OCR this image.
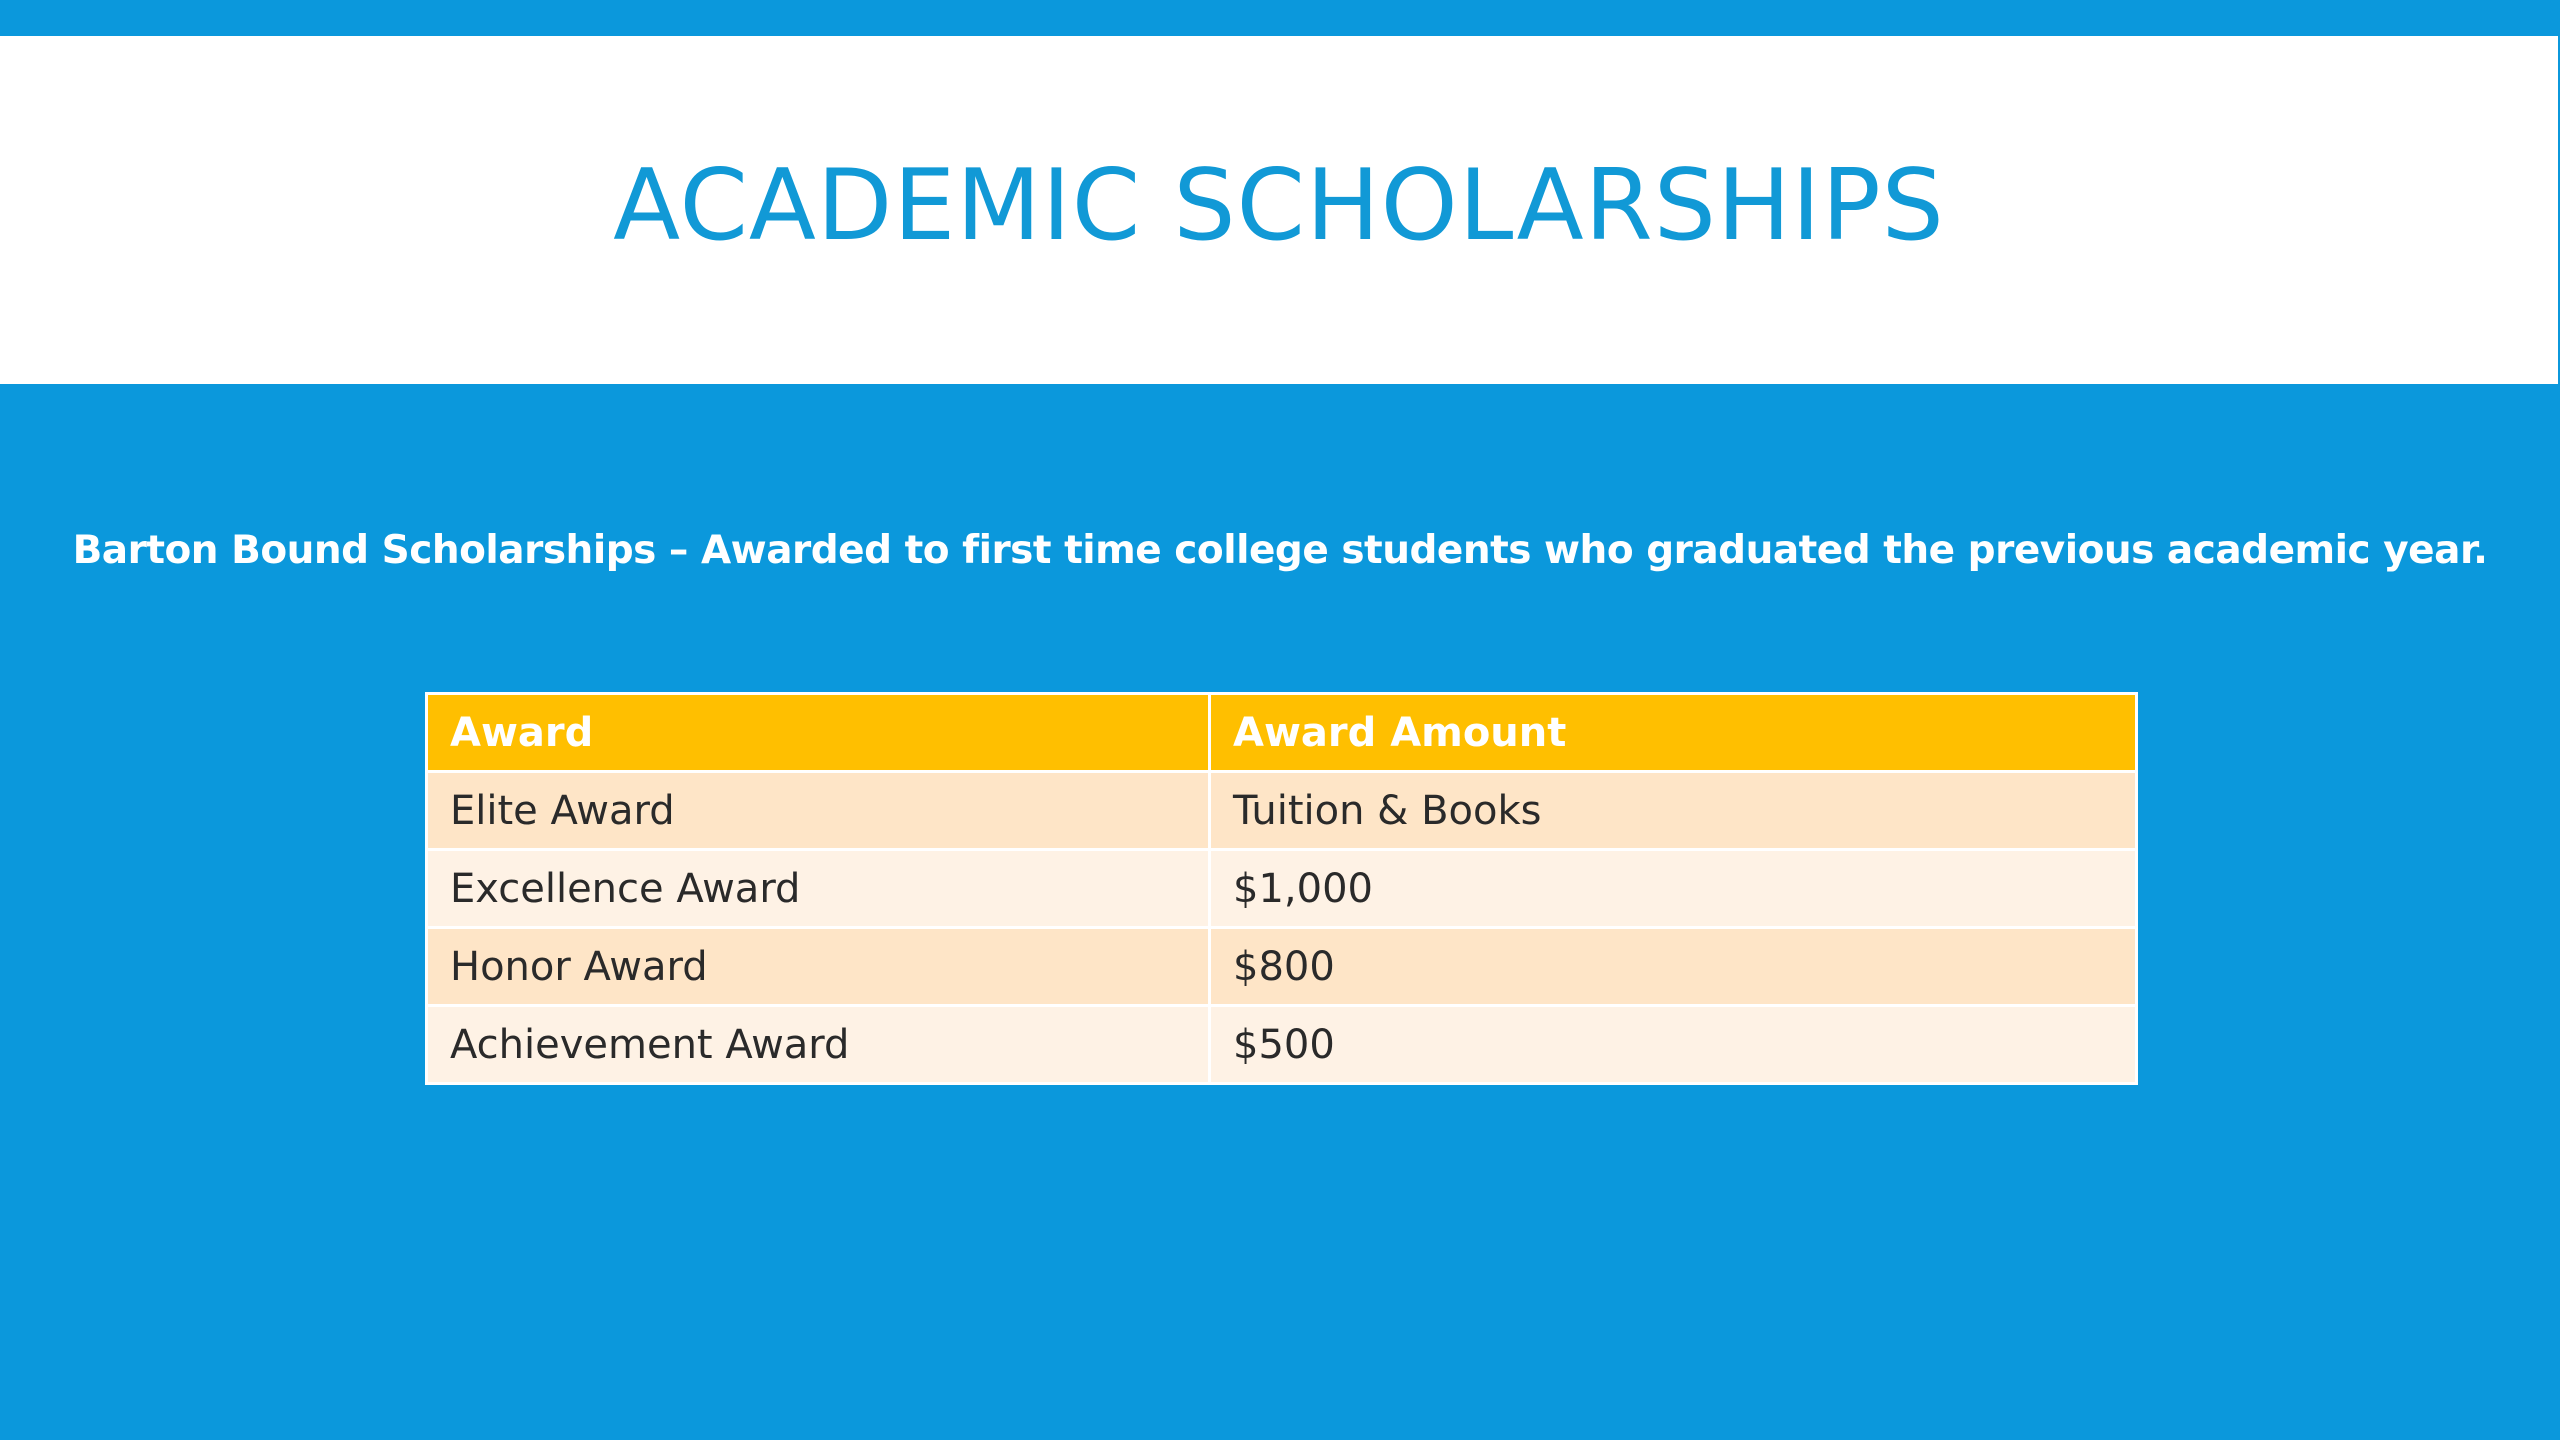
ACADEMIC SCHOLARSHIPS

Barton Bound Scholarships – Awarded to first time college students who graduated the previous academic year.

Award	Award Amount
Elite Award	Tuition & Books
Excellence Award	$1,000
Honor Award	$800
Achievement Award	$500
